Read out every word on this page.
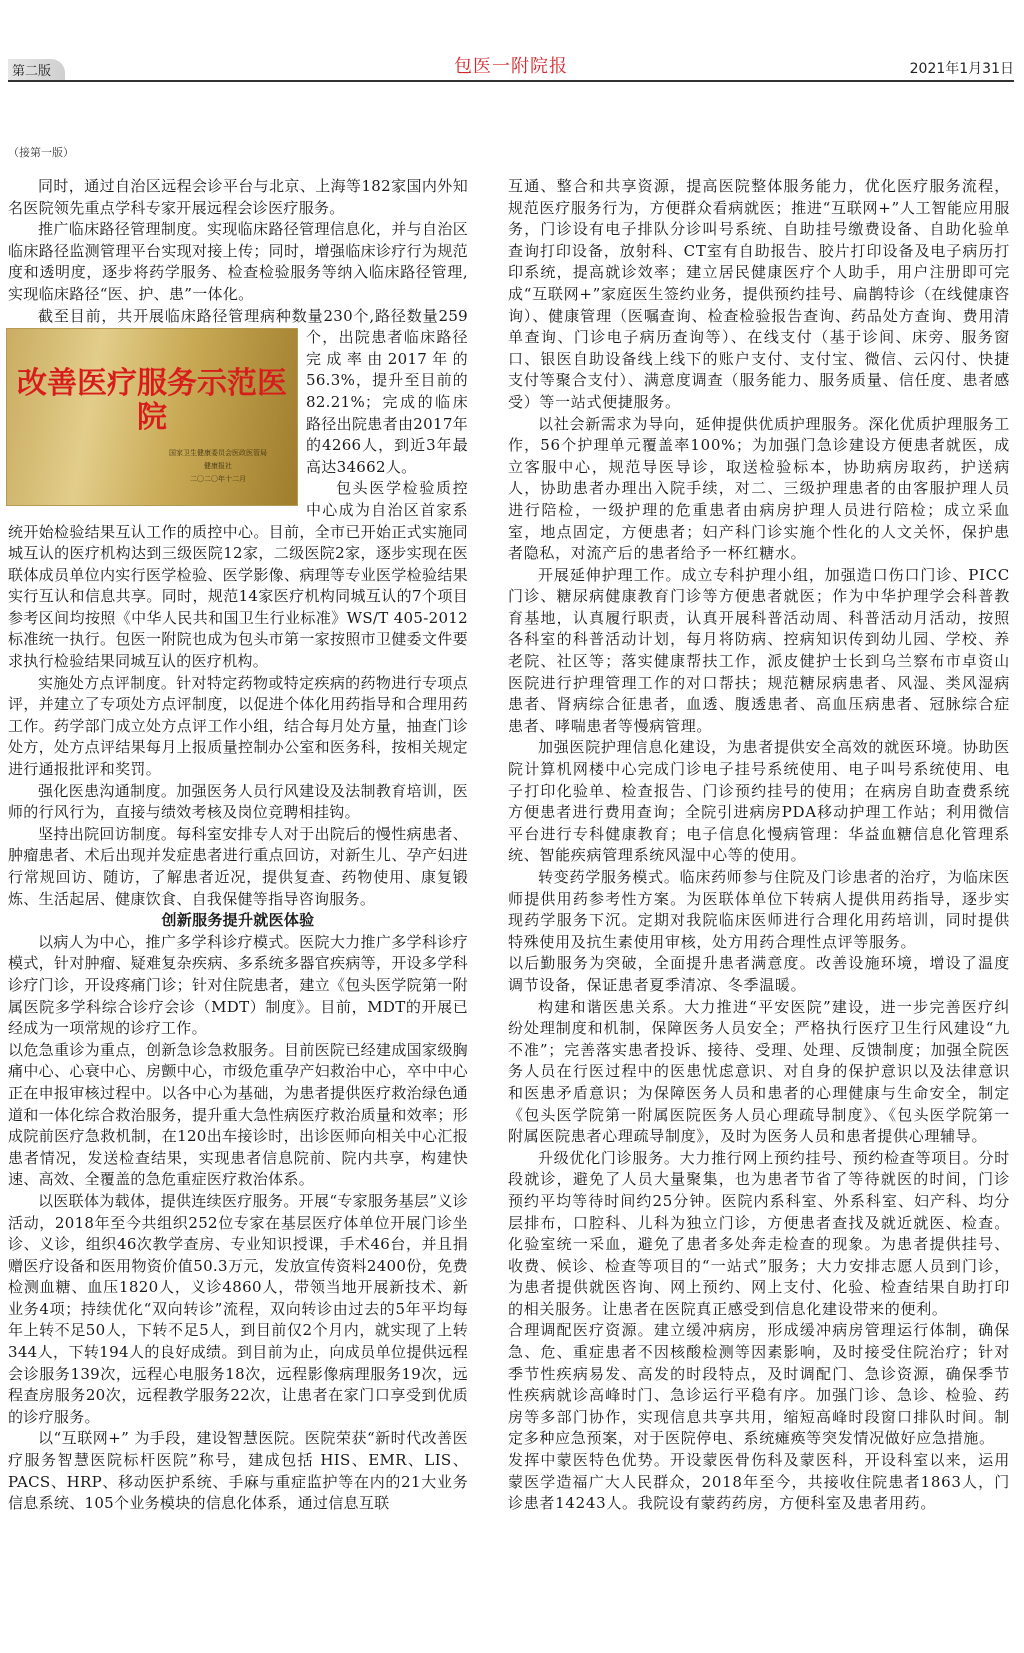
第二版	包医一附院报	2021年1月31日
（接第一版）

同时，通过自治区远程会诊平台与北京、上海等182家国内外知名医院领先重点学科专家开展远程会诊医疗服务。

推广临床路径管理制度。实现临床路径管理信息化，并与自治区临床路径监测管理平台实现对接上传；同时，增强临床诊疗行为规范度和透明度，逐步将药学服务、检查检验服务等纳入临床路径管理,实现临床路径“医、护、患”一体化。

改善医疗服务示范医院
国家卫生健康委员会医政医管局
健康报社
二〇二〇年十二月

截至目前，共开展临床路径管理病种数量230个,路径数量259个，出院患者临床路径完成率由2017年的56.3%，提升至目前的82.21%；完成的临床路径出院患者由2017年的4266人，到近3年最高达34662人。

包头医学检验质控中心成为自治区首家系统开始检验结果互认工作的质控中心。目前，全市已开始正式实施同城互认的医疗机构达到三级医院12家，二级医院2家，逐步实现在医联体成员单位内实行医学检验、医学影像、病理等专业医学检验结果实行互认和信息共享。同时，规范14家医疗机构同城互认的7个项目参考区间均按照《中华人民共和国卫生行业标准》WS/T 405-2012标准统一执行。包医一附院也成为包头市第一家按照市卫健委文件要求执行检验结果同城互认的医疗机构。

实施处方点评制度。针对特定药物或特定疾病的药物进行专项点评，并建立了专项处方点评制度，以促进个体化用药指导和合理用药工作。药学部门成立处方点评工作小组，结合每月处方量，抽查门诊处方，处方点评结果每月上报质量控制办公室和医务科，按相关规定进行通报批评和奖罚。

强化医患沟通制度。加强医务人员行风建设及法制教育培训，医师的行风行为，直接与绩效考核及岗位竞聘相挂钩。

坚持出院回访制度。每科室安排专人对于出院后的慢性病患者、肿瘤患者、术后出现并发症患者进行重点回访，对新生儿、孕产妇进行常规回访、随访，了解患者近况，提供复查、药物使用、康复锻炼、生活起居、健康饮食、自我保健等指导咨询服务。

创新服务提升就医体验

以病人为中心，推广多学科诊疗模式。医院大力推广多学科诊疗模式，针对肿瘤、疑难复杂疾病、多系统多器官疾病等，开设多学科诊疗门诊，开设疼痛门诊；针对住院患者，建立《包头医学院第一附属医院多学科综合诊疗会诊（MDT）制度》。目前，MDT的开展已经成为一项常规的诊疗工作。

以危急重诊为重点，创新急诊急救服务。目前医院已经建成国家级胸痛中心、心衰中心、房颤中心，市级危重孕产妇救治中心，卒中中心正在申报审核过程中。以各中心为基础，为患者提供医疗救治绿色通道和一体化综合救治服务，提升重大急性病医疗救治质量和效率；形成院前医疗急救机制，在120出车接诊时，出诊医师向相关中心汇报患者情况，发送检查结果，实现患者信息院前、院内共享，构建快速、高效、全覆盖的急危重症医疗救治体系。

以医联体为载体，提供连续医疗服务。开展“专家服务基层”义诊活动，2018年至今共组织252位专家在基层医疗体单位开展门诊坐诊、义诊，组织46次教学查房、专业知识授课，手术46台，并且捐赠医疗设备和医用物资价值50.3万元，发放宣传资料2400份，免费检测血糖、血压1820人，义诊4860人，带领当地开展新技术、新业务4项；持续优化“双向转诊”流程，双向转诊由过去的5年平均每年上转不足50人，下转不足5人，到目前仅2个月内，就实现了上转344人，下转194人的良好成绩。到目前为止，向成员单位提供远程会诊服务139次，远程心电服务18次，远程影像病理服务19次，远程查房服务20次，远程教学服务22次，让患者在家门口享受到优质的诊疗服务。

以“互联网+” 为手段，建设智慧医院。医院荣获“新时代改善医疗服务智慧医院标杆医院”称号，建成包括 HIS、EMR、LIS、PACS、HRP、移动医护系统、手麻与重症监护等在内的21大业务信息系统、105个业务模块的信息化体系，通过信息互联

互通、整合和共享资源，提高医院整体服务能力，优化医疗服务流程，规范医疗服务行为，方便群众看病就医；推进“互联网+”人工智能应用服务，门诊设有电子排队分诊叫号系统、自助挂号缴费设备、自助化验单查询打印设备，放射科、CT室有自助报告、胶片打印设备及电子病历打印系统，提高就诊效率；建立居民健康医疗个人助手，用户注册即可完成“互联网+”家庭医生签约业务，提供预约挂号、扁鹊特诊（在线健康咨询）、健康管理（医嘱查询、检查检验报告查询、药品处方查询、费用清单查询、门诊电子病历查询等）、在线支付（基于诊间、床旁、服务窗口、银医自助设备线上线下的账户支付、支付宝、微信、云闪付、快捷支付等聚合支付）、满意度调查（服务能力、服务质量、信任度、患者感受）等一站式便捷服务。

以社会新需求为导向，延伸提供优质护理服务。深化优质护理服务工作，56个护理单元覆盖率100%；为加强门急诊建设方便患者就医，成立客服中心，规范导医导诊，取送检验标本，协助病房取药，护送病人，协助患者办理出入院手续，对二、三级护理患者的由客服护理人员进行陪检，一级护理的危重患者由病房护理人员进行陪检；成立采血室，地点固定，方便患者；妇产科门诊实施个性化的人文关怀，保护患者隐私，对流产后的患者给予一杯红糖水。

开展延伸护理工作。成立专科护理小组，加强造口伤口门诊、PICC门诊、糖尿病健康教育门诊等方便患者就医；作为中华护理学会科普教育基地，认真履行职责，认真开展科普活动周、科普活动月活动，按照各科室的科普活动计划，每月将防病、控病知识传到幼儿园、学校、养老院、社区等；落实健康帮扶工作，派皮健护士长到乌兰察布市卓资山医院进行护理管理工作的对口帮扶；规范糖尿病患者、风湿、类风湿病患者、肾病综合征患者，血透、腹透患者、高血压病患者、冠脉综合症患者、哮喘患者等慢病管理。

加强医院护理信息化建设，为患者提供安全高效的就医环境。协助医院计算机网楼中心完成门诊电子挂号系统使用、电子叫号系统使用、电子打印化验单、检查报告、门诊预约挂号的使用；在病房自助查费系统方便患者进行费用查询；全院引进病房PDA移动护理工作站；利用微信平台进行专科健康教育；电子信息化慢病管理：华益血糖信息化管理系统、智能疾病管理系统风湿中心等的使用。

转变药学服务模式。临床药师参与住院及门诊患者的治疗，为临床医师提供用药参考性方案。为医联体单位下转病人提供用药指导，逐步实现药学服务下沉。定期对我院临床医师进行合理化用药培训，同时提供特殊使用及抗生素使用审核，处方用药合理性点评等服务。

以后勤服务为突破，全面提升患者满意度。改善设施环境，增设了温度调节设备，保证患者夏季清凉、冬季温暖。

构建和谐医患关系。大力推进“平安医院”建设，进一步完善医疗纠纷处理制度和机制，保障医务人员安全；严格执行医疗卫生行风建设“九不准”；完善落实患者投诉、接待、受理、处理、反馈制度；加强全院医务人员在行医过程中的医患忧虑意识、对自身的保护意识以及法律意识和医患矛盾意识；为保障医务人员和患者的心理健康与生命安全，制定《包头医学院第一附属医院医务人员心理疏导制度》、《包头医学院第一附属医院患者心理疏导制度》，及时为医务人员和患者提供心理辅导。

升级优化门诊服务。大力推行网上预约挂号、预约检查等项目。分时段就诊，避免了人员大量聚集，也为患者节省了等待就医的时间，门诊预约平均等待时间约25分钟。医院内系科室、外系科室、妇产科、均分层排布，口腔科、儿科为独立门诊，方便患者查找及就近就医、检查。化验室统一采血，避免了患者多处奔走检查的现象。为患者提供挂号、收费、候诊、检查等项目的“一站式”服务；大力安排志愿人员到门诊，为患者提供就医咨询、网上预约、网上支付、化验、检查结果自助打印的相关服务。让患者在医院真正感受到信息化建设带来的便利。

合理调配医疗资源。建立缓冲病房，形成缓冲病房管理运行体制，确保急、危、重症患者不因核酸检测等因素影响，及时接受住院治疗；针对季节性疾病易发、高发的时段特点，及时调配门、急诊资源，确保季节性疾病就诊高峰时门、急诊运行平稳有序。加强门诊、急诊、检验、药房等多部门协作，实现信息共享共用，缩短高峰时段窗口排队时间。制定多种应急预案，对于医院停电、系统瘫痪等突发情况做好应急措施。

发挥中蒙医特色优势。开设蒙医骨伤科及蒙医科，开设科室以来，运用蒙医学造福广大人民群众，2018年至今，共接收住院患者1863人，门诊患者14243人。我院设有蒙药药房，方便科室及患者用药。
